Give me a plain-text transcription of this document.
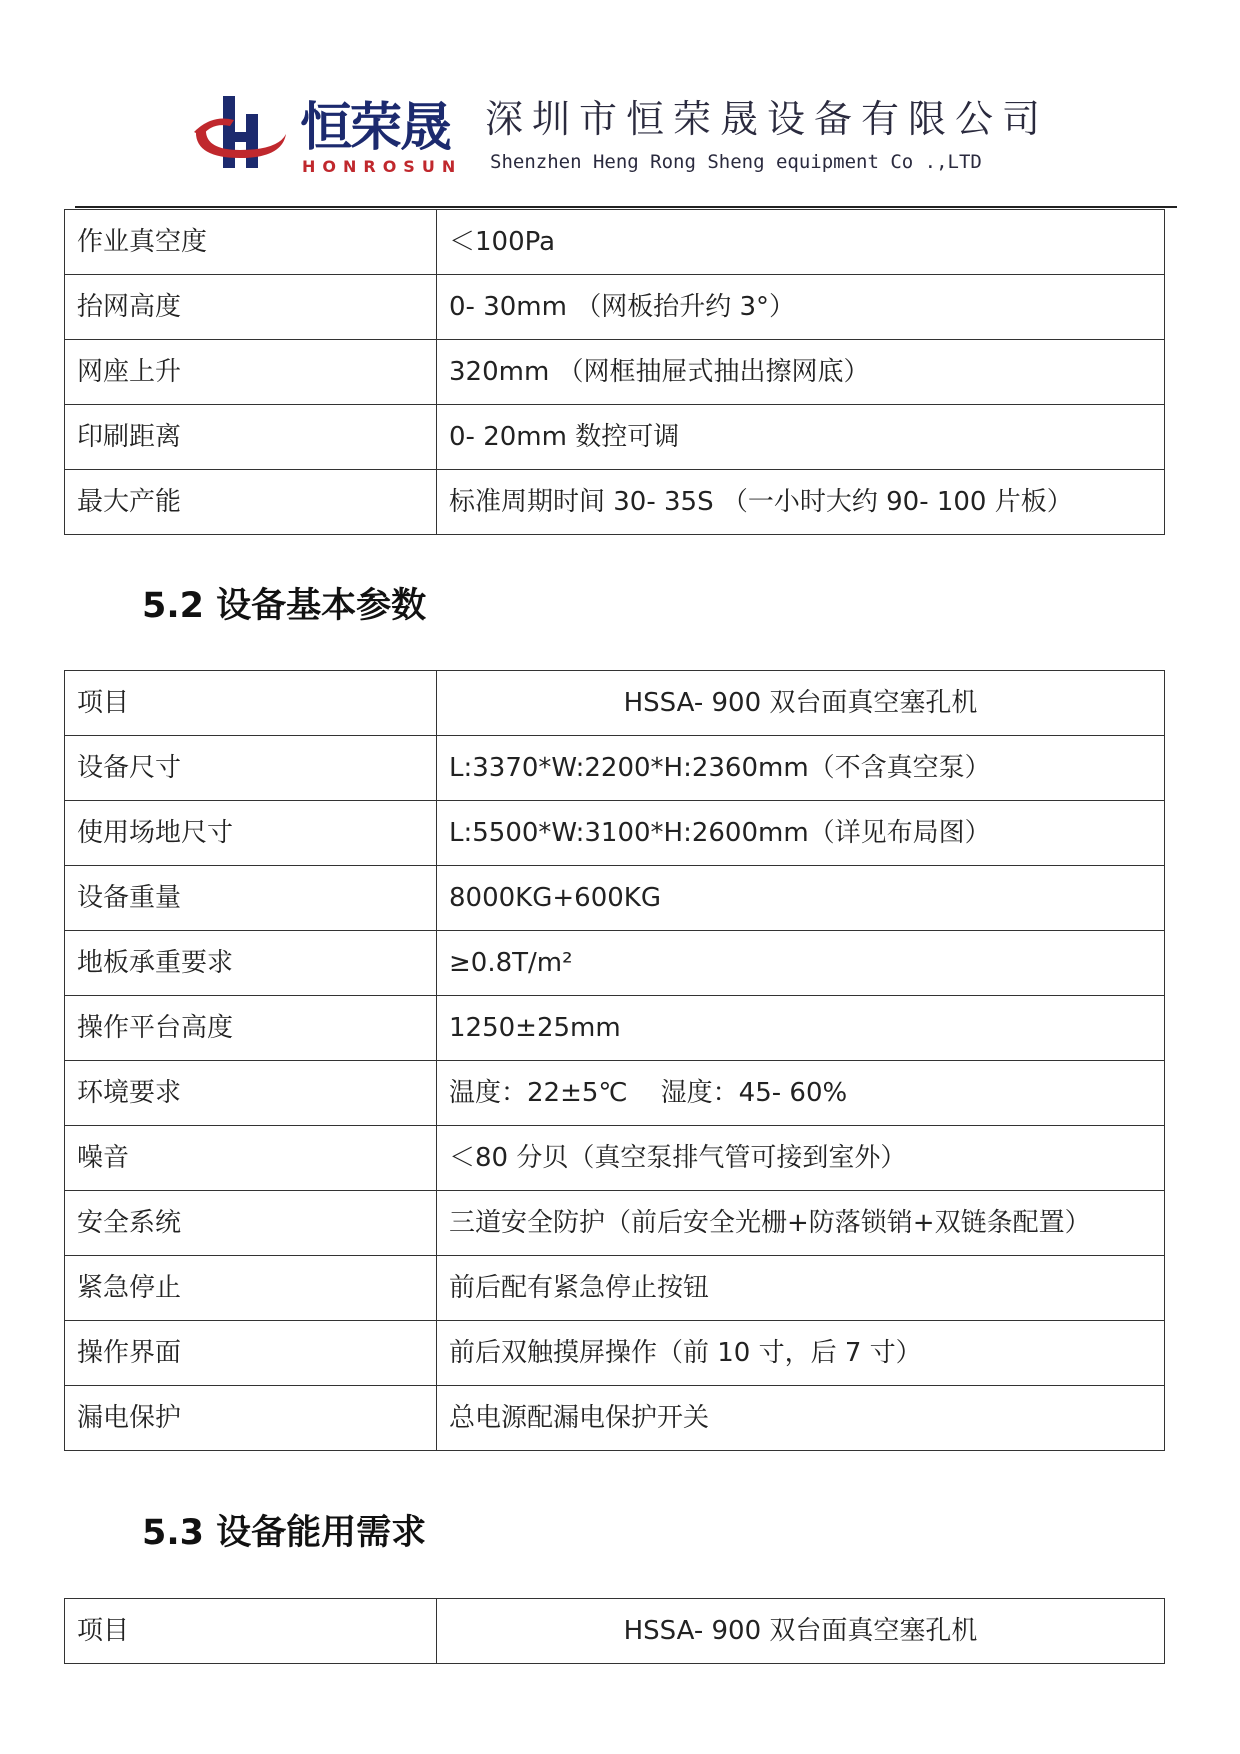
恒荣晟
HONROSUN
深圳市恒荣晟设备有限公司
Shenzhen Heng Rong Sheng equipment Co .,LTD
作业真空度	＜100Pa
抬网高度	0- 30mm （网板抬升约 3°）
网座上升	320mm （网框抽屉式抽出擦网底）
印刷距离	0- 20mm 数控可调
最大产能	标准周期时间 30- 35S （一小时大约 90- 100 片板）
5.2 设备基本参数
项目	HSSA- 900 双台面真空塞孔机
设备尺寸	L:3370*W:2200*H:2360mm（不含真空泵）
使用场地尺寸	L:5500*W:3100*H:2600mm（详见布局图）
设备重量	8000KG+600KG
地板承重要求	≥0.8T/m²
操作平台高度	1250±25mm
环境要求	温度：22±5℃    湿度：45- 60%
噪音	＜80 分贝（真空泵排气管可接到室外）
安全系统	三道安全防护（前后安全光栅+防落锁销+双链条配置）
紧急停止	前后配有紧急停止按钮
操作界面	前后双触摸屏操作（前 10 寸，后 7 寸）
漏电保护	总电源配漏电保护开关
5.3 设备能用需求
项目	HSSA- 900 双台面真空塞孔机
